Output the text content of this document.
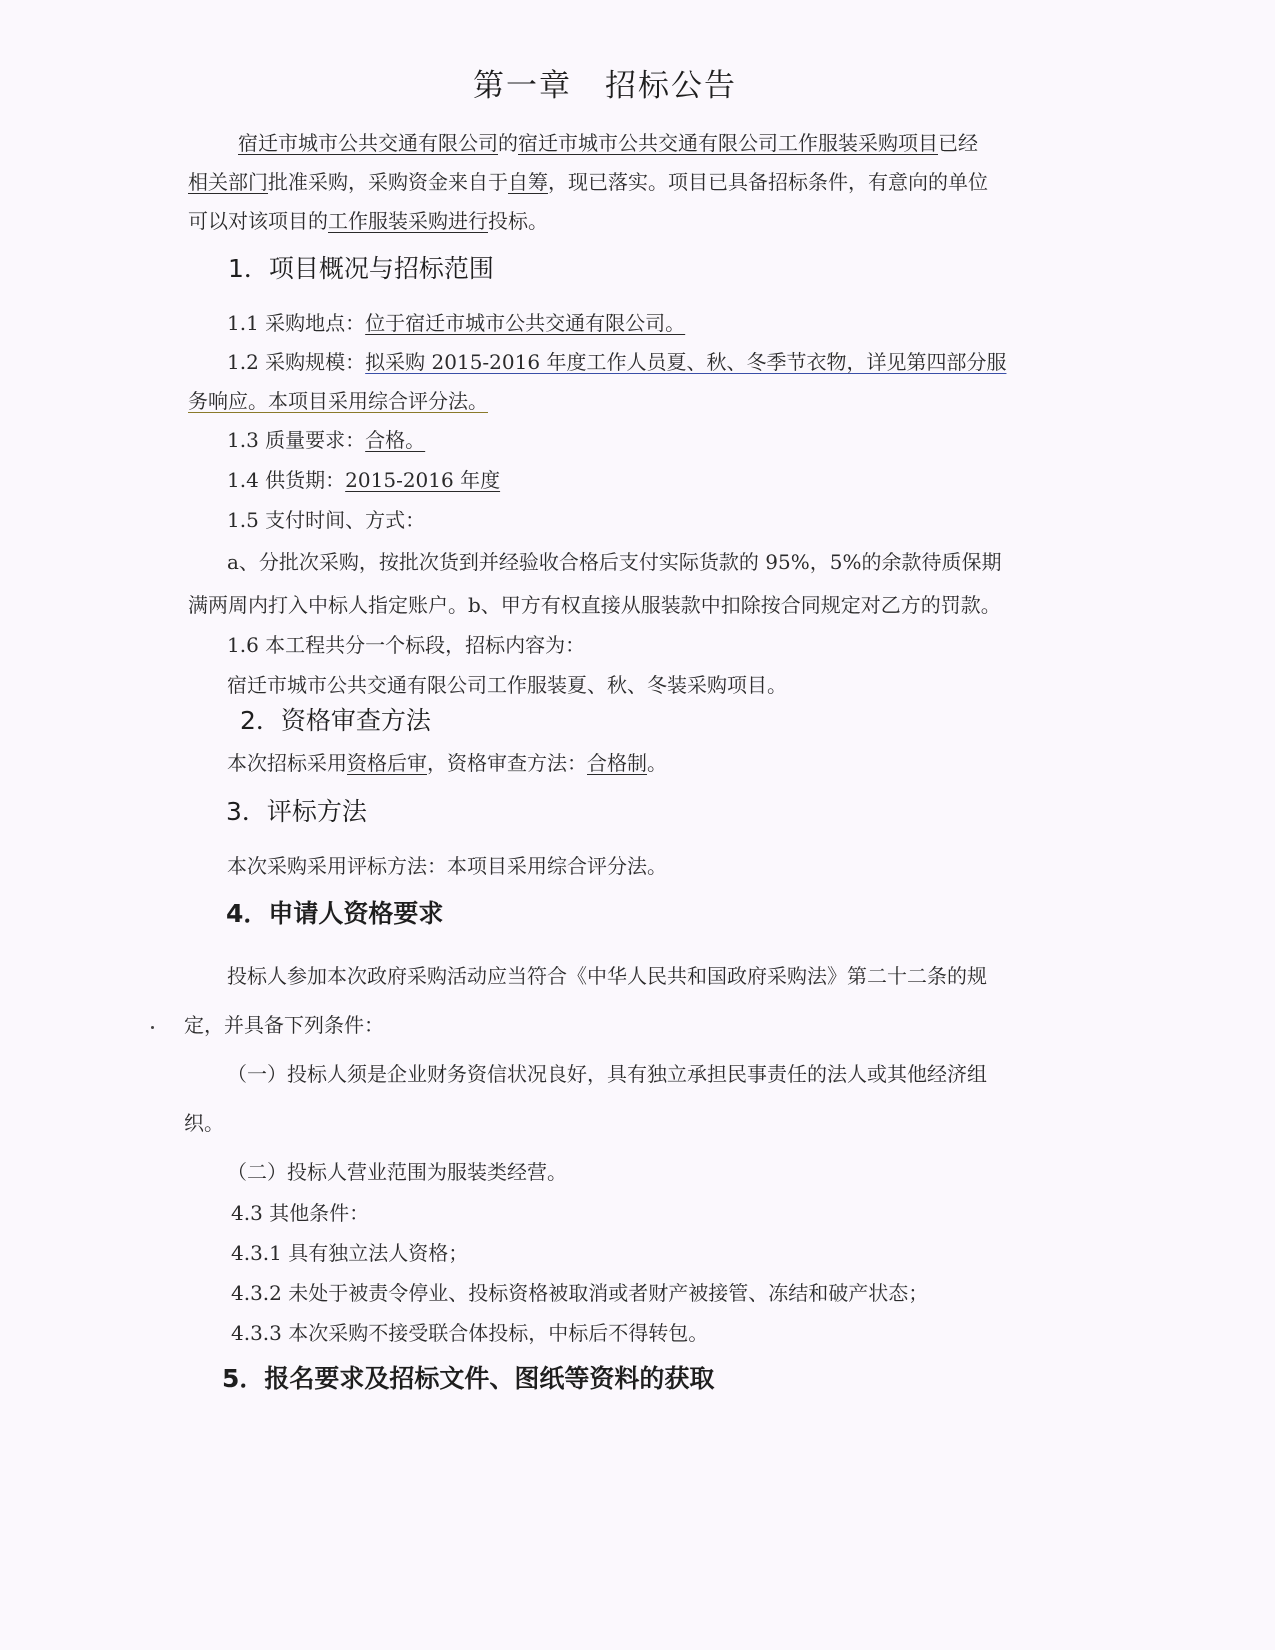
第一章　招标公告
宿迁市城市公共交通有限公司的宿迁市城市公共交通有限公司工作服装采购项目已经
相关部门批准采购，采购资金来自于自筹，现已落实。项目已具备招标条件，有意向的单位
可以对该项目的工作服装采购进行投标。
1．项目概况与招标范围
1.1 采购地点：位于宿迁市城市公共交通有限公司。
1.2 采购规模：拟采购 2015-2016 年度工作人员夏、秋、冬季节衣物，详见第四部分服
务响应。本项目采用综合评分法。
1.3 质量要求：合格。
1.4 供货期：2015-2016 年度
1.5 支付时间、方式：
a、分批次采购，按批次货到并经验收合格后支付实际货款的 95%，5%的余款待质保期
满两周内打入中标人指定账户。b、甲方有权直接从服装款中扣除按合同规定对乙方的罚款。
1.6 本工程共分一个标段，招标内容为：
宿迁市城市公共交通有限公司工作服装夏、秋、冬装采购项目。
2．资格审查方法
本次招标采用资格后审，资格审查方法：合格制。
3．评标方法
本次采购采用评标方法：本项目采用综合评分法。
4．申请人资格要求
投标人参加本次政府采购活动应当符合《中华人民共和国政府采购法》第二十二条的规
定，并具备下列条件：
（一）投标人须是企业财务资信状况良好，具有独立承担民事责任的法人或其他经济组
织。
（二）投标人营业范围为服装类经营。
4.3 其他条件：
4.3.1 具有独立法人资格；
4.3.2 未处于被责令停业、投标资格被取消或者财产被接管、冻结和破产状态；
4.3.3 本次采购不接受联合体投标，中标后不得转包。
5．报名要求及招标文件、图纸等资料的获取
